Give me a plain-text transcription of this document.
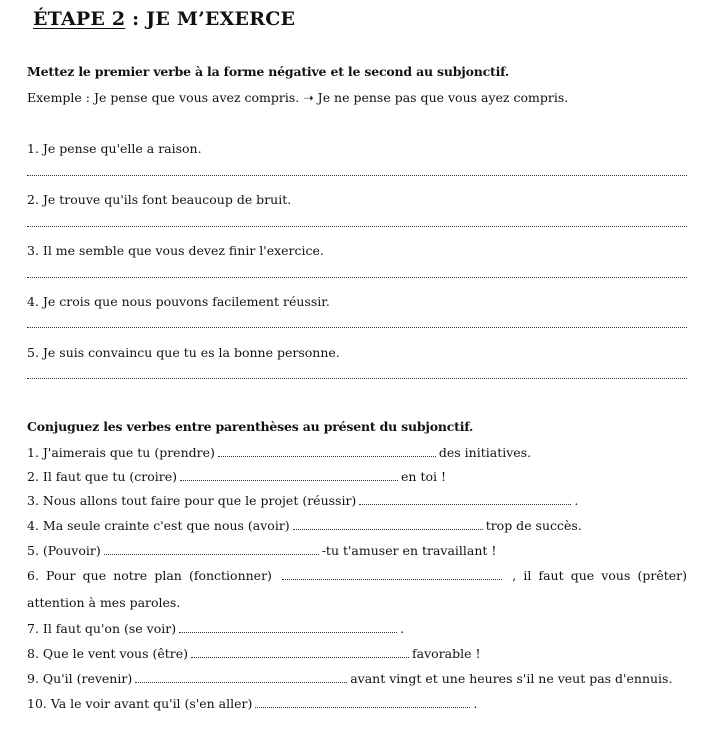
ÉTAPE 2 : JE M’EXERCE
Mettez le premier verbe à la forme négative et le second au subjonctif.
Exemple : Je pense que vous avez compris. ➝ Je ne pense pas que vous ayez compris.
1. Je pense qu'elle a raison.
2. Je trouve qu'ils font beaucoup de bruit.
3. Il me semble que vous devez finir l'exercice.
4. Je crois que nous pouvons facilement réussir.
5. Je suis convaincu que tu es la bonne personne.
Conjuguez les verbes entre parenthèses au présent du subjonctif.
1. J'aimerais que tu (prendre)	des initiatives.
2. Il faut que tu (croire)	en toi !
3. Nous allons tout faire pour que le projet (réussir)	.
4. Ma seule crainte c'est que nous (avoir)	trop de succès.
5. (Pouvoir)	-tu t'amuser en travaillant !
6. Pour que notre plan (fonctionner)	, il faut que vous (prêter)
attention à mes paroles.
7. Il faut qu'on (se voir)	.
8. Que le vent vous (être)	favorable !
9. Qu'il (revenir)	avant vingt et une heures s'il ne veut pas d'ennuis.
10. Va le voir avant qu'il (s'en aller)	.
